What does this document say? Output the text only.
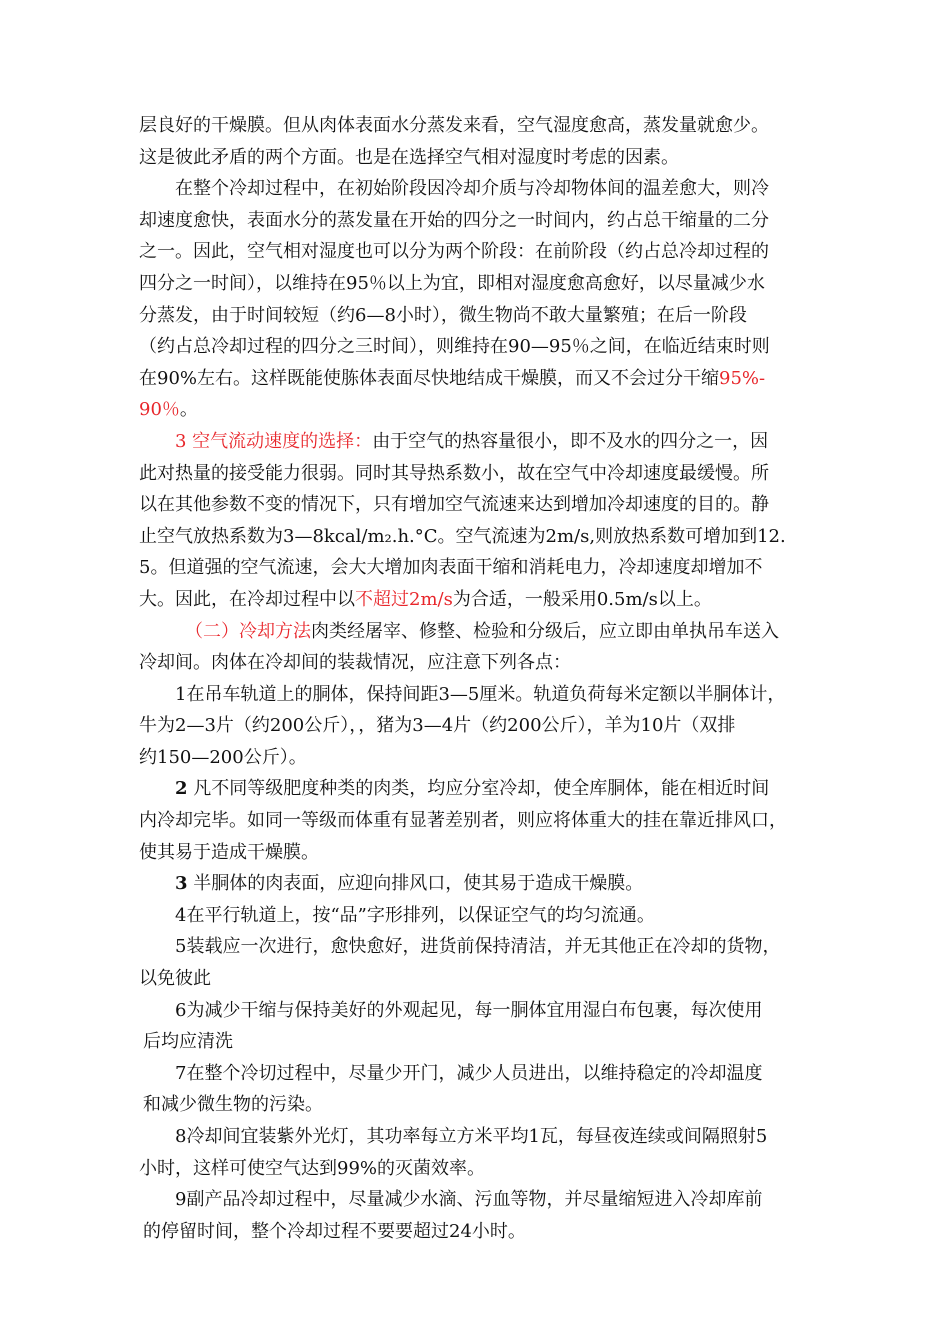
层良好的干燥膜。但从肉体表面水分蒸发来看，空气湿度愈高，蒸发量就愈少。
这是彼此矛盾的两个方面。也是在选择空气相对湿度时考虑的因素。
在整个冷却过程中，在初始阶段因冷却介质与冷却物体间的温差愈大，则冷
却速度愈快，表面水分的蒸发量在开始的四分之一时间内，约占总干缩量的二分
之一。因此，空气相对湿度也可以分为两个阶段：在前阶段（约占总冷却过程的
四分之一时间），以维持在95％以上为宜，即相对湿度愈高愈好，以尽量减少水
分蒸发，由于时间较短（约6—8小时），微生物尚不敢大量繁殖；在后一阶段
（约占总冷却过程的四分之三时间），则维持在90—95％之间，在临近结束时则
在90%左右。这样既能使胨体表面尽快地结成干燥膜，而又不会过分干缩95%-
90％。
3 空气流动速度的选择：由于空气的热容量很小，即不及水的四分之一，因
此对热量的接受能力很弱。同时其导热系数小，故在空气中冷却速度最缓慢。所
以在其他参数不变的情况下，只有增加空气流速来达到增加冷却速度的目的。静
止空气放热系数为3—8kcal/m₂.h.°C。空气流速为2m/s,则放热系数可增加到12.
5。但道强的空气流速，会大大增加肉表面干缩和消耗电力，冷却速度却增加不
大。因此，在冷却过程中以不超过2m/s为合适，一般采用0.5m/s以上。
（二）冷却方法肉类经屠宰、修整、检验和分级后，应立即由单执吊车送入
冷却间。肉体在冷却间的装裁情况，应注意下列各点：
1在吊车轨道上的胴体，保持间距3—5厘米。轨道负荷每米定额以半胴体计，
牛为2—3片（约200公斤），，猪为3—4片（约200公斤），羊为10片（双排
约150—200公斤）。
2 凡不同等级肥度种类的肉类，均应分室冷却，使全库胴体，能在相近时间
内冷却完毕。如同一等级而体重有显著差别者，则应将体重大的挂在靠近排风口，
使其易于造成干燥膜。
3 半胴体的肉表面，应迎向排风口，使其易于造成干燥膜。
4在平行轨道上，按“品”字形排列，以保证空气的均匀流通。
5装载应一次进行，愈快愈好，进货前保持清洁，并无其他正在冷却的货物，
以免彼此
6为减少干缩与保持美好的外观起见，每一胴体宜用湿白布包裹，每次使用
后均应清洗
7在整个冷切过程中，尽量少开门，减少人员进出，以维持稳定的冷却温度
和减少微生物的污染。
8冷却间宜装紫外光灯，其功率每立方米平均1瓦，每昼夜连续或间隔照射5
小时，这样可使空气达到99%的灭菌效率。
9副产品冷却过程中，尽量减少水滴、污血等物，并尽量缩短进入冷却库前
的停留时间，整个冷却过程不要要超过24小时。
